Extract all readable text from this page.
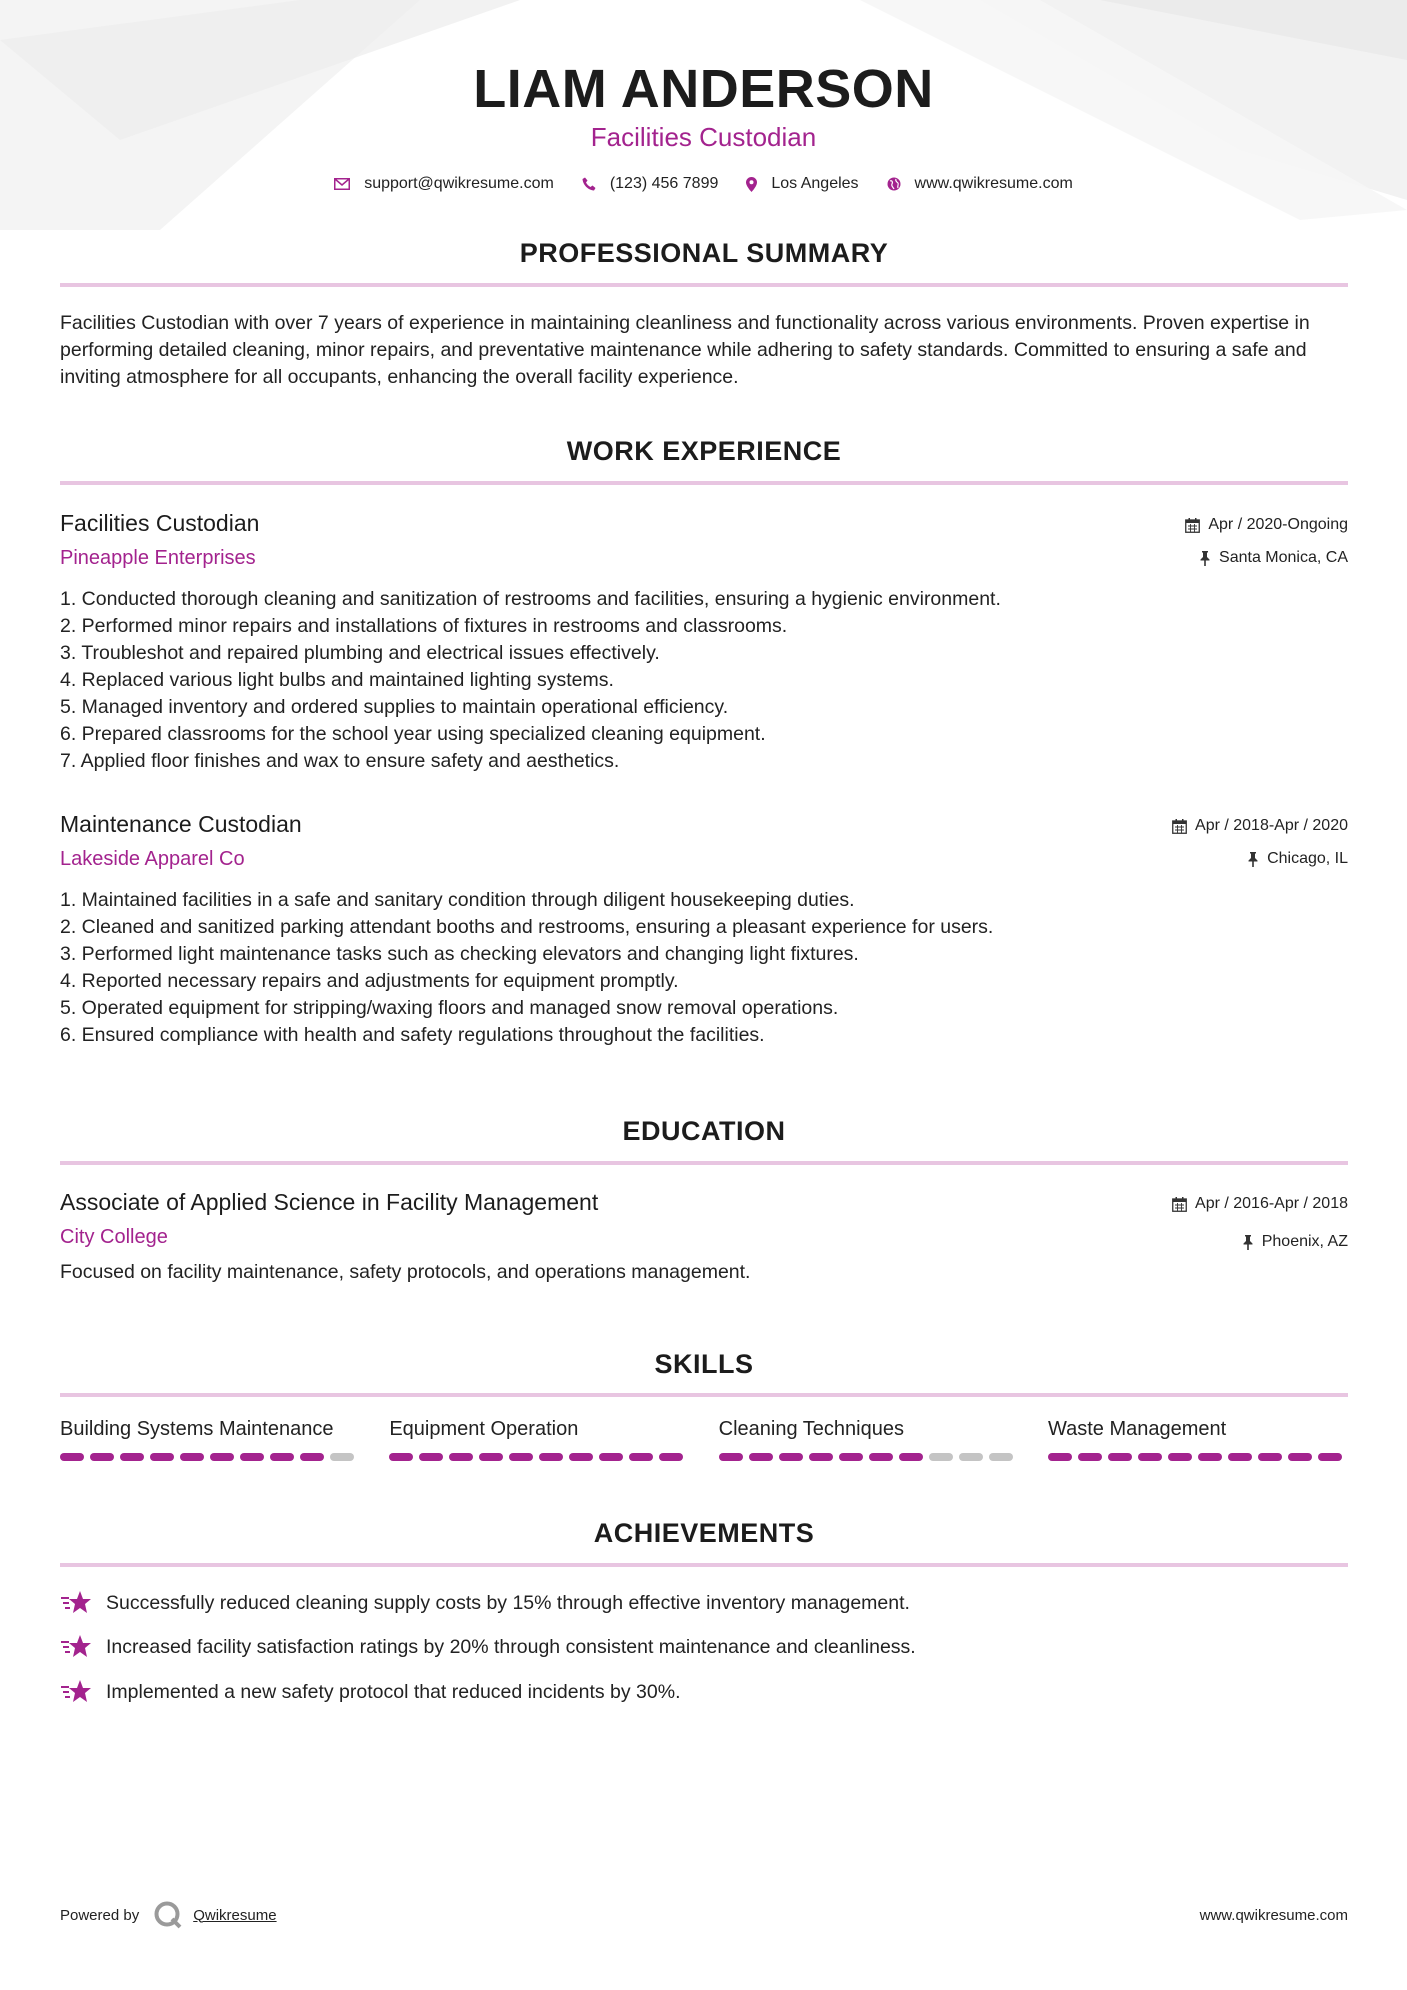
LIAM ANDERSON
Facilities Custodian
support@qwikresume.com	(123) 456 7899	Los Angeles	www.qwikresume.com
PROFESSIONAL SUMMARY
Facilities Custodian with over 7 years of experience in maintaining cleanliness and functionality across various environments. Proven expertise in performing detailed cleaning, minor repairs, and preventative maintenance while adhering to safety standards. Committed to ensuring a safe and inviting atmosphere for all occupants, enhancing the overall facility experience.
WORK EXPERIENCE
Facilities Custodian
Pineapple Enterprises
Apr / 2020-Ongoing
Santa Monica, CA
1. Conducted thorough cleaning and sanitization of restrooms and facilities, ensuring a hygienic environment.
2. Performed minor repairs and installations of fixtures in restrooms and classrooms.
3. Troubleshot and repaired plumbing and electrical issues effectively.
4. Replaced various light bulbs and maintained lighting systems.
5. Managed inventory and ordered supplies to maintain operational efficiency.
6. Prepared classrooms for the school year using specialized cleaning equipment.
7. Applied floor finishes and wax to ensure safety and aesthetics.
Maintenance Custodian
Lakeside Apparel Co
Apr / 2018-Apr / 2020
Chicago, IL
1. Maintained facilities in a safe and sanitary condition through diligent housekeeping duties.
2. Cleaned and sanitized parking attendant booths and restrooms, ensuring a pleasant experience for users.
3. Performed light maintenance tasks such as checking elevators and changing light fixtures.
4. Reported necessary repairs and adjustments for equipment promptly.
5. Operated equipment for stripping/waxing floors and managed snow removal operations.
6. Ensured compliance with health and safety regulations throughout the facilities.
EDUCATION
Associate of Applied Science in Facility Management
City College
Apr / 2016-Apr / 2018
Phoenix, AZ
Focused on facility maintenance, safety protocols, and operations management.
SKILLS
Building Systems Maintenance	Equipment Operation	Cleaning Techniques	Waste Management
ACHIEVEMENTS
Successfully reduced cleaning supply costs by 15% through effective inventory management.
Increased facility satisfaction ratings by 20% through consistent maintenance and cleanliness.
Implemented a new safety protocol that reduced incidents by 30%.
Powered by	Qwikresume	www.qwikresume.com
